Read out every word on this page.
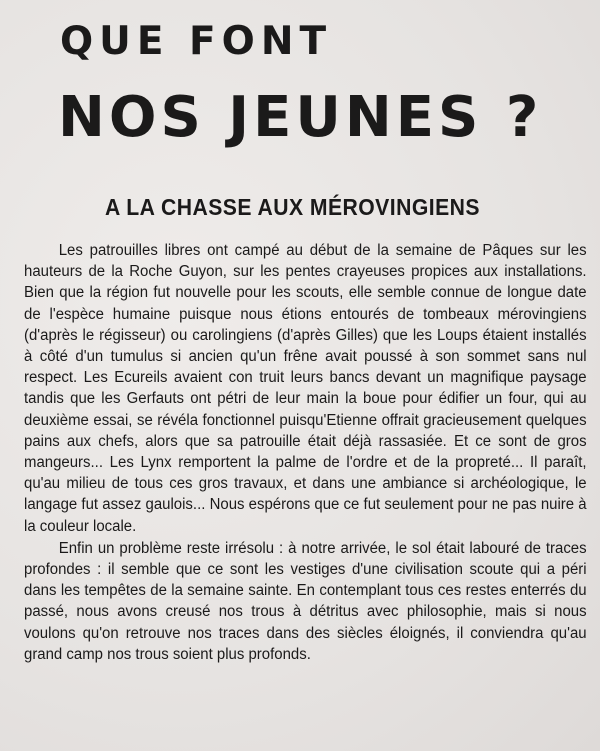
QUE FONT
NOS JEUNES ?
A LA CHASSE AUX MÉROVINGIENS

Les patrouilles libres ont campé au début de la semaine de Pâques sur les hauteurs de la Roche Guyon, sur les pentes crayeuses propices aux installations. Bien que la région fut nouvelle pour les scouts, elle semble connue de longue date de l'espèce humaine puisque nous étions entourés de tombeaux mérovingiens (d'après le régisseur) ou carolingiens (d'après Gilles) que les Loups étaient installés à côté d'un tumulus si ancien qu'un frêne avait poussé à son sommet sans nul respect. Les Ecureils avaient con truit leurs bancs devant un magnifique paysage tandis que les Gerfauts ont pétri de leur main la boue pour édifier un four, qui au deuxième essai, se révéla fonctionnel puisqu'Etienne offrait gracieusement quelques pains aux chefs, alors que sa patrouille était déjà rassasiée. Et ce sont de gros mangeurs... Les Lynx remportent la palme de l'ordre et de la propreté... Il paraît, qu'au milieu de tous ces gros travaux, et dans une ambiance si archéologique, le langage fut assez gaulois... Nous espérons que ce fut seulement pour ne pas nuire à la couleur locale.

Enfin un problème reste irrésolu : à notre arrivée, le sol était labouré de traces profondes : il semble que ce sont les vestiges d'une civilisation scoute qui a péri dans les tempêtes de la semaine sainte. En contemplant tous ces restes enterrés du passé, nous avons creusé nos trous à détritus avec philosophie, mais si nous voulons qu'on retrouve nos traces dans des siècles éloignés, il conviendra qu'au grand camp nos trous soient plus profonds.
